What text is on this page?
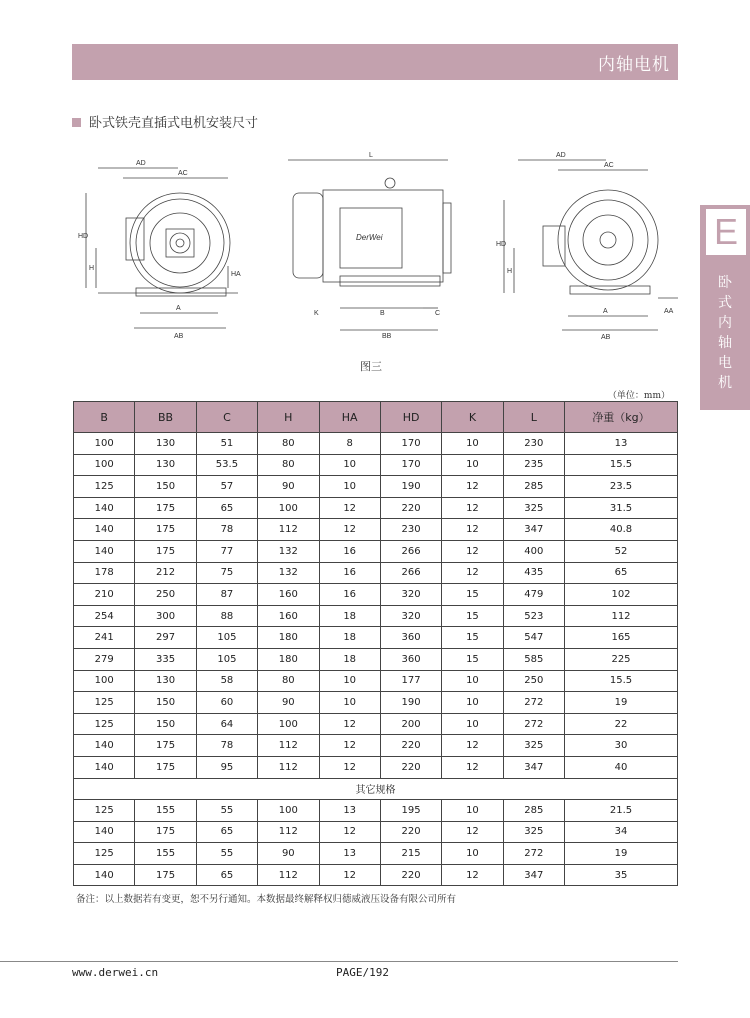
内轴电机
卧式铁壳直插式电机安装尺寸
E
卧式内轴电机
AD
AC
HD
H
HA
A
AB
L
K	B	C
BB
DerWei
AD
AC
HD
H
AA
A
AB
图三
（单位：mm）
B	BB	C	H	HA	HD	K	L	净重（kg）
100	130	51	80	8	170	10	230	13
100	130	53.5	80	10	170	10	235	15.5
125	150	57	90	10	190	12	285	23.5
140	175	65	100	12	220	12	325	31.5
140	175	78	112	12	230	12	347	40.8
140	175	77	132	16	266	12	400	52
178	212	75	132	16	266	12	435	65
210	250	87	160	16	320	15	479	102
254	300	88	160	18	320	15	523	112
241	297	105	180	18	360	15	547	165
279	335	105	180	18	360	15	585	225
100	130	58	80	10	177	10	250	15.5
125	150	60	90	10	190	10	272	19
125	150	64	100	12	200	10	272	22
140	175	78	112	12	220	12	325	30
140	175	95	112	12	220	12	347	40
其它规格								
125	155	55	100	13	195	10	285	21.5
140	175	65	112	12	220	12	325	34
125	155	55	90	13	215	10	272	19
140	175	65	112	12	220	12	347	35
备注：以上数据若有变更，恕不另行通知。本数据最终解释权归德威液压设备有限公司所有
www.derwei.cn	PAGE/192
